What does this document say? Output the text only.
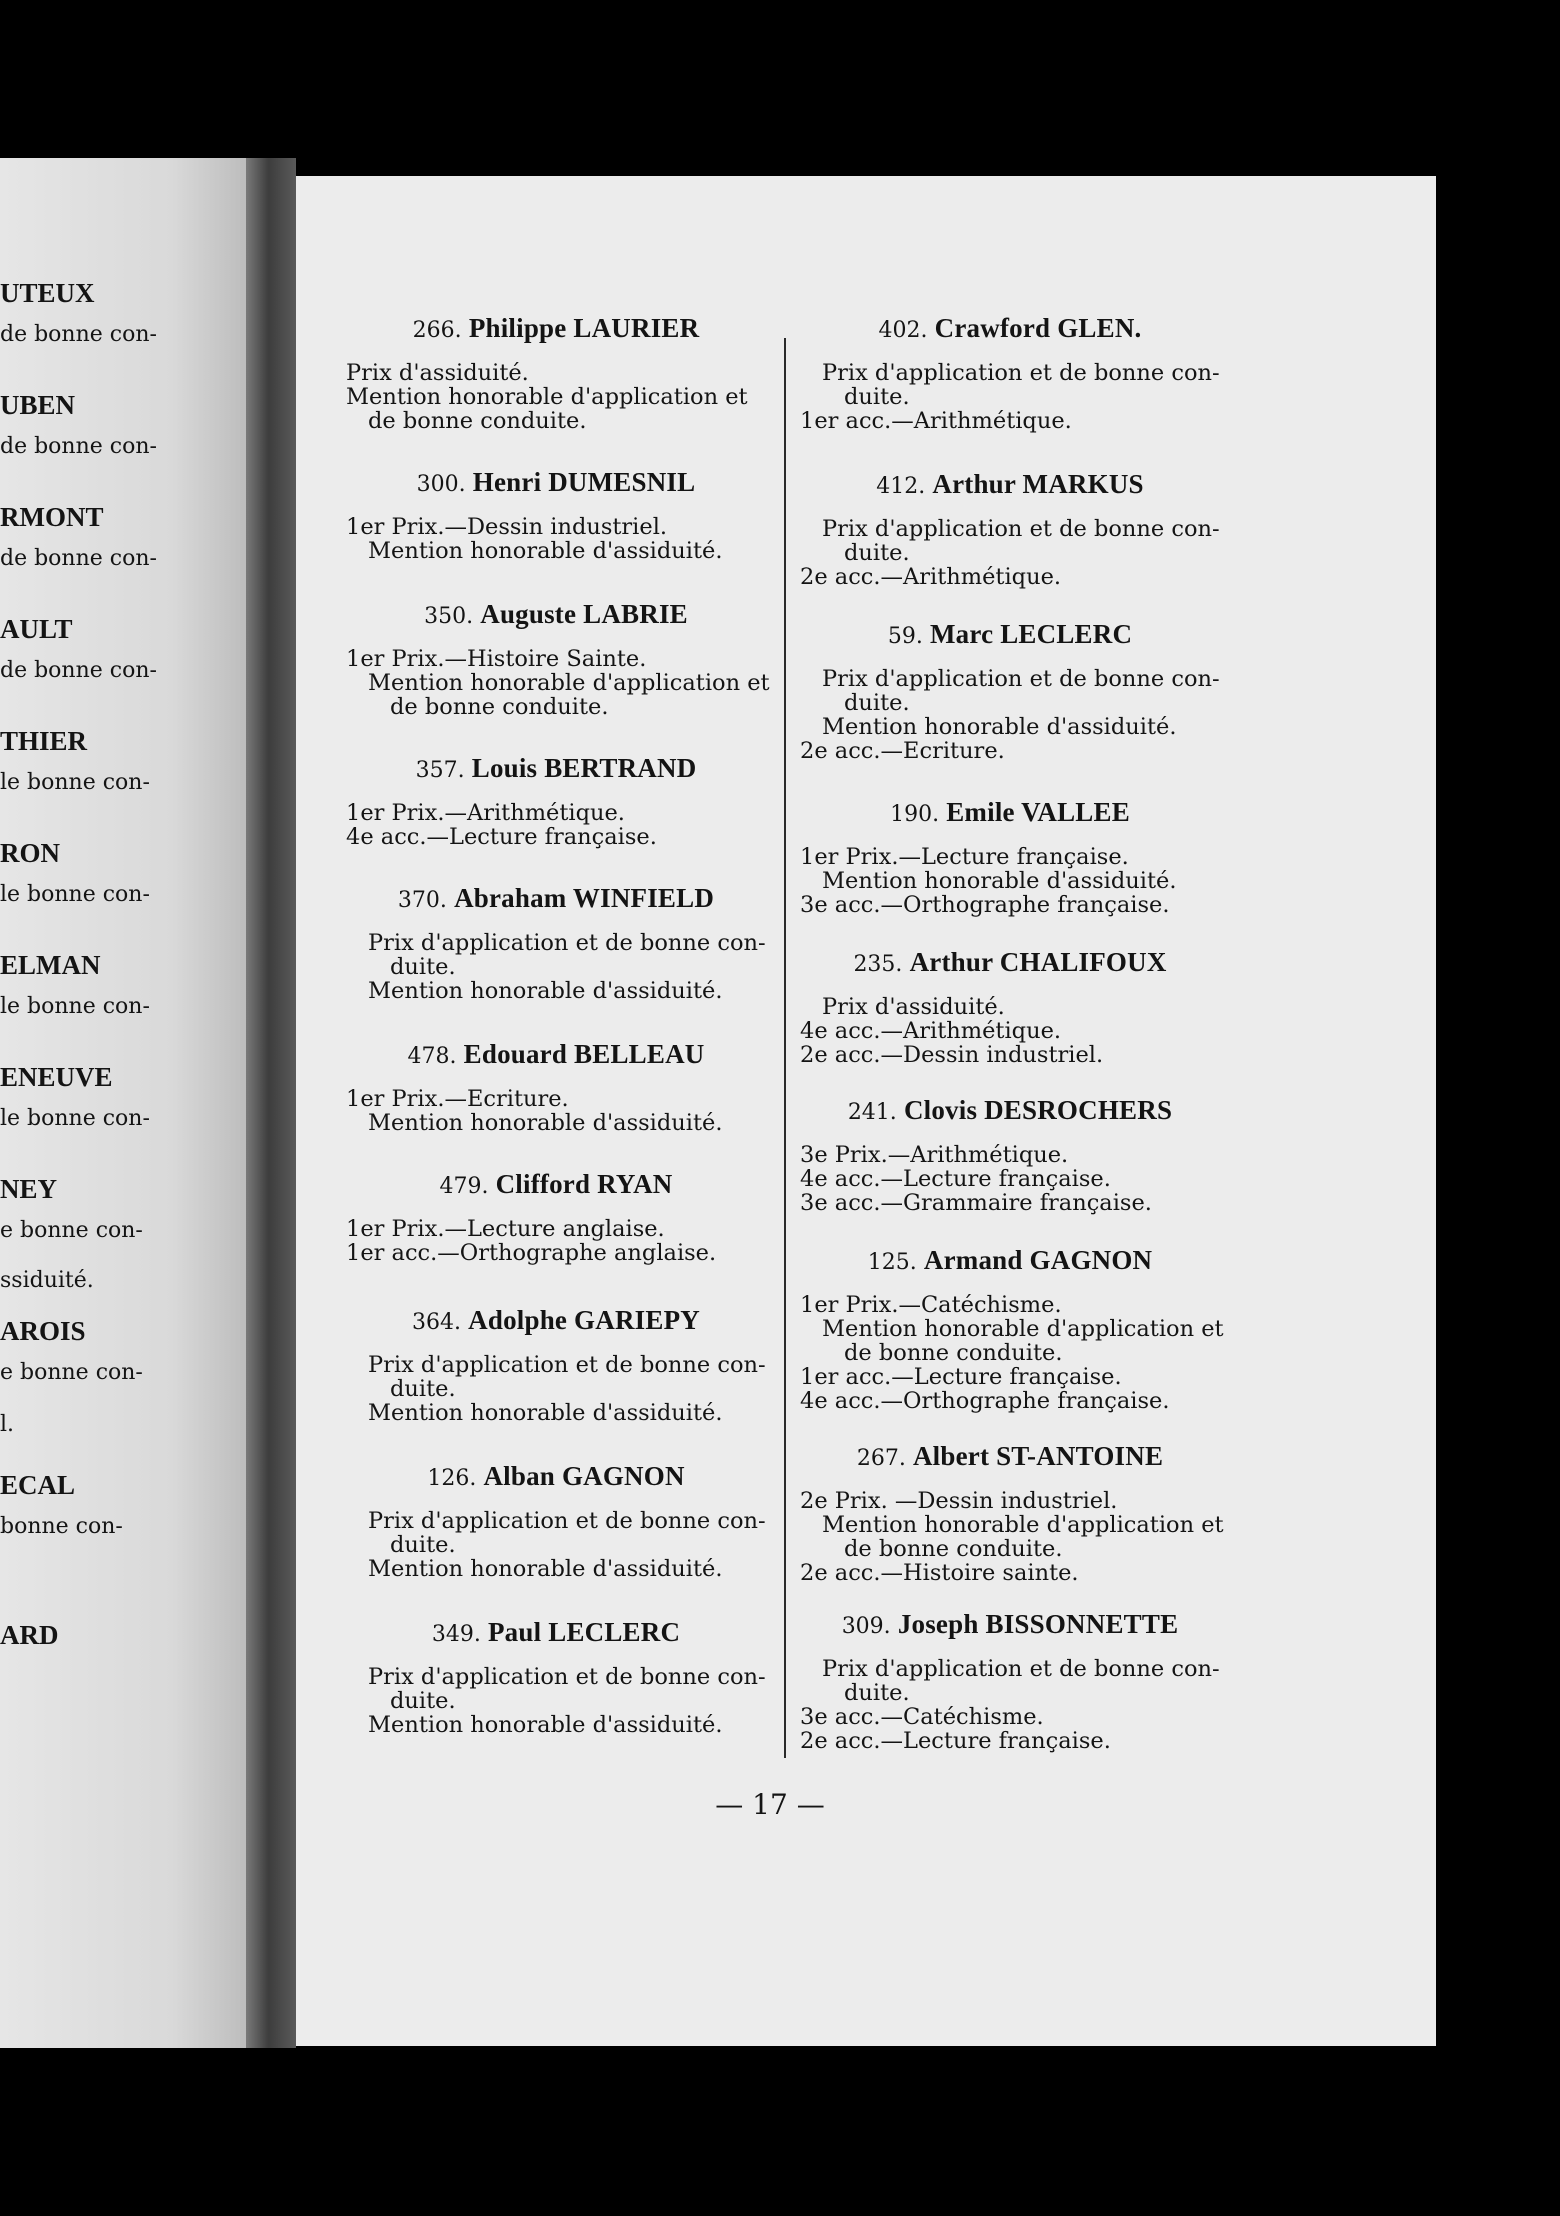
UTEUX
de bonne con-
UBEN
de bonne con-
RMONT
de bonne con-
AULT
de bonne con-
THIER
le bonne con-
RON
le bonne con-
ELMAN
le bonne con-
ENEUVE
le bonne con-
NEY
e bonne con-
ssiduité.
AROIS
e bonne con-
l.
ECAL
bonne con-
ARD
266. Philippe LAURIER
Prix d'assiduité.
Mention honorable d'application et
de bonne conduite.
300. Henri DUMESNIL
1er Prix.—Dessin industriel.
Mention honorable d'assiduité.
350. Auguste LABRIE
1er Prix.—Histoire Sainte.
Mention honorable d'application et
de bonne conduite.
357. Louis BERTRAND
1er Prix.—Arithmétique.
4e acc.—Lecture française.
370. Abraham WINFIELD
Prix d'application et de bonne con-
duite.
Mention honorable d'assiduité.
478. Edouard BELLEAU
1er Prix.—Ecriture.
Mention honorable d'assiduité.
479. Clifford RYAN
1er Prix.—Lecture anglaise.
1er acc.—Orthographe anglaise.
364. Adolphe GARIEPY
Prix d'application et de bonne con-
duite.
Mention honorable d'assiduité.
126. Alban GAGNON
Prix d'application et de bonne con-
duite.
Mention honorable d'assiduité.
349. Paul LECLERC
Prix d'application et de bonne con-
duite.
Mention honorable d'assiduité.
402. Crawford GLEN.
Prix d'application et de bonne con-
duite.
1er acc.—Arithmétique.
412. Arthur MARKUS
Prix d'application et de bonne con-
duite.
2e acc.—Arithmétique.
59. Marc LECLERC
Prix d'application et de bonne con-
duite.
Mention honorable d'assiduité.
2e acc.—Ecriture.
190. Emile VALLEE
1er Prix.—Lecture française.
Mention honorable d'assiduité.
3e acc.—Orthographe française.
235. Arthur CHALIFOUX
Prix d'assiduité.
4e acc.—Arithmétique.
2e acc.—Dessin industriel.
241. Clovis DESROCHERS
3e Prix.—Arithmétique.
4e acc.—Lecture française.
3e acc.—Grammaire française.
125. Armand GAGNON
1er Prix.—Catéchisme.
Mention honorable d'application et
de bonne conduite.
1er acc.—Lecture française.
4e acc.—Orthographe française.
267. Albert ST-ANTOINE
2e Prix. —Dessin industriel.
Mention honorable d'application et
de bonne conduite.
2e acc.—Histoire sainte.
309. Joseph BISSONNETTE
Prix d'application et de bonne con-
duite.
3e acc.—Catéchisme.
2e acc.—Lecture française.
— 17 —
